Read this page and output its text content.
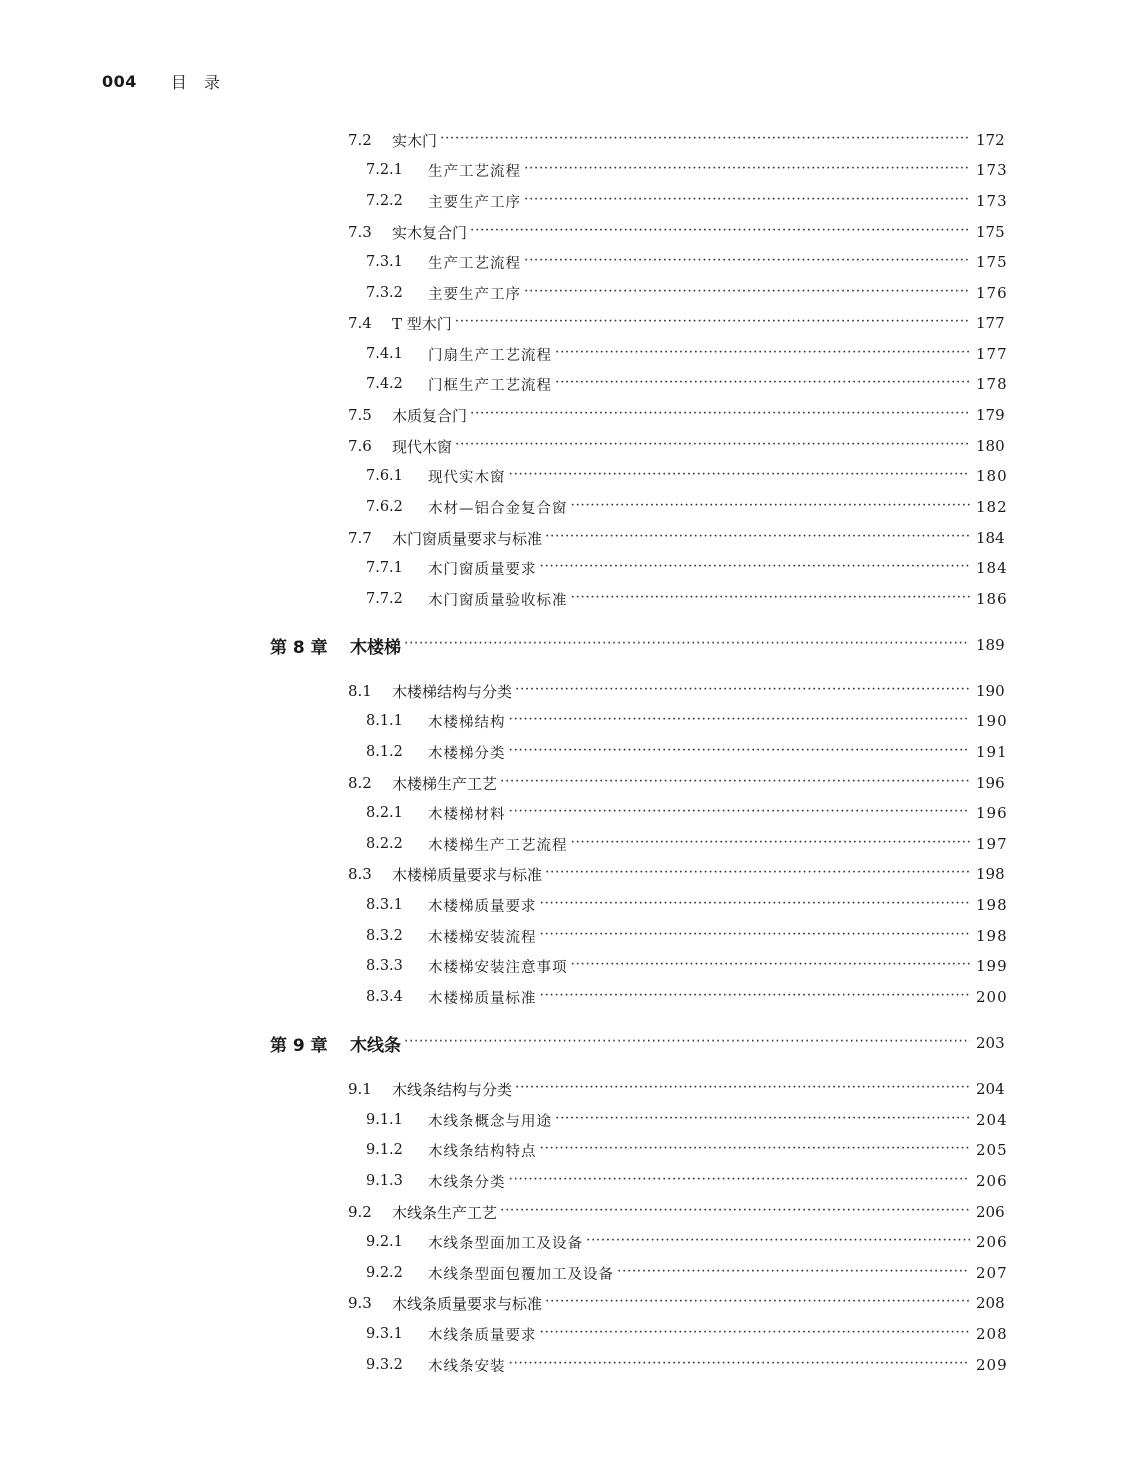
004 目 录
7.2	实木门 ·····	172
7.2.1	生产工艺流程 ·····	173
7.2.2	主要生产工序 ·····	173
7.3	实木复合门 ·····	175
7.3.1	生产工艺流程 ·····	175
7.3.2	主要生产工序 ·····	176
7.4	T 型木门 ·····	177
7.4.1	门扇生产工艺流程 ·····	177
7.4.2	门框生产工艺流程 ·····	178
7.5	木质复合门 ·····	179
7.6	现代木窗 ·····	180
7.6.1	现代实木窗 ·····	180
7.6.2	木材—铝合金复合窗 ·····	182
7.7	木门窗质量要求与标准 ·····	184
7.7.1	木门窗质量要求 ·····	184
7.7.2	木门窗质量验收标准 ·····	186
第 8 章	木楼梯 ·····	189
8.1	木楼梯结构与分类 ·····	190
8.1.1	木楼梯结构 ·····	190
8.1.2	木楼梯分类 ·····	191
8.2	木楼梯生产工艺 ·····	196
8.2.1	木楼梯材料 ·····	196
8.2.2	木楼梯生产工艺流程 ·····	197
8.3	木楼梯质量要求与标准 ·····	198
8.3.1	木楼梯质量要求 ·····	198
8.3.2	木楼梯安装流程 ·····	198
8.3.3	木楼梯安装注意事项 ·····	199
8.3.4	木楼梯质量标准 ·····	200
第 9 章	木线条 ·····	203
9.1	木线条结构与分类 ·····	204
9.1.1	木线条概念与用途 ·····	204
9.1.2	木线条结构特点 ·····	205
9.1.3	木线条分类 ·····	206
9.2	木线条生产工艺 ·····	206
9.2.1	木线条型面加工及设备 ·····	206
9.2.2	木线条型面包覆加工及设备 ·····	207
9.3	木线条质量要求与标准 ·····	208
9.3.1	木线条质量要求 ·····	208
9.3.2	木线条安装 ·····	209
